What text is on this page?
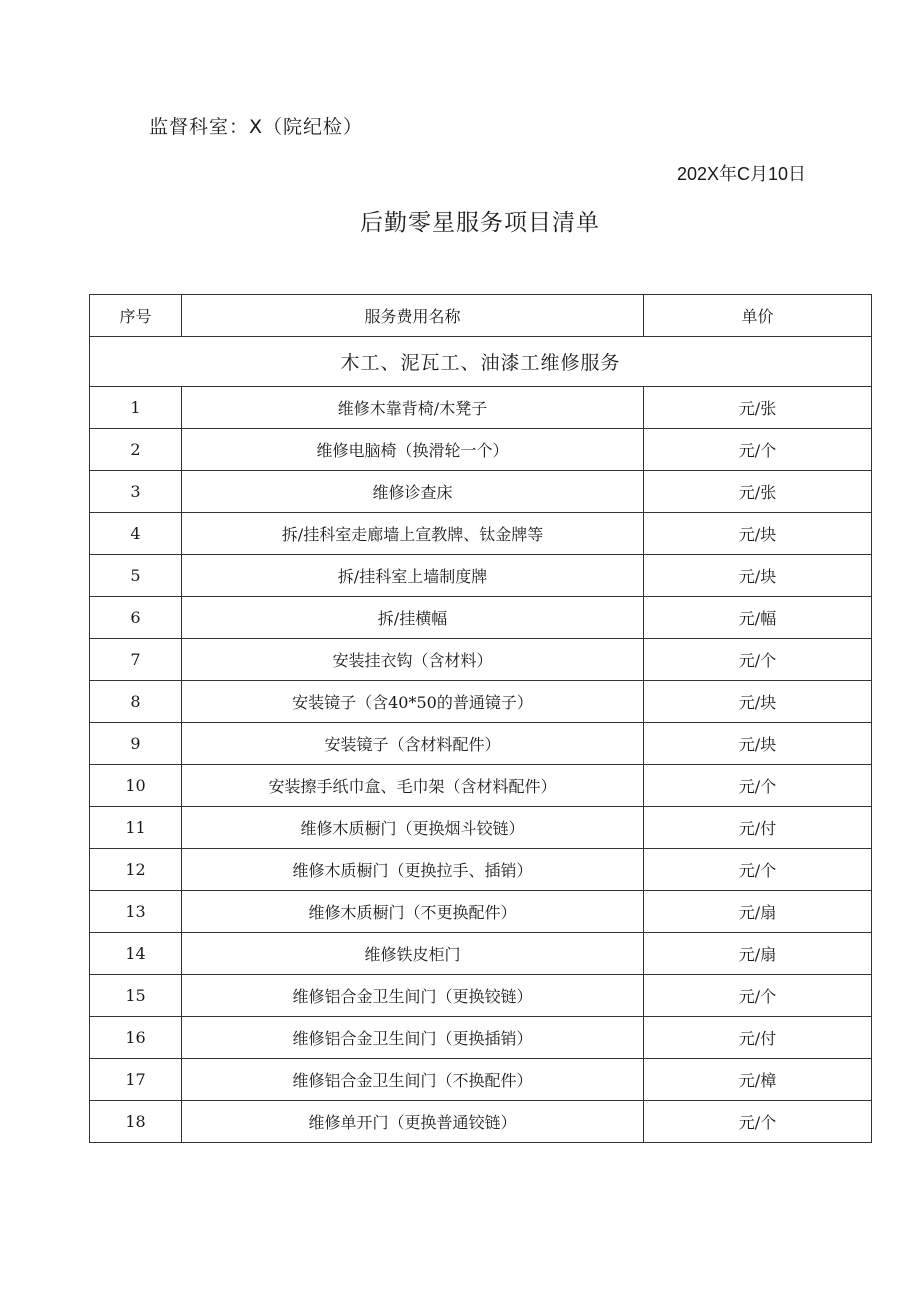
监督科室：X（院纪检）
202X年C月10日
后勤零星服务项目清单
序号	服务费用名称	单价
木工、泥瓦工、油漆工维修服务		
1	维修木靠背椅/木凳子	元/张
2	维修电脑椅（换滑轮一个）	元/个
3	维修诊查床	元/张
4	拆/挂科室走廊墙上宣教牌、钛金牌等	元/块
5	拆/挂科室上墙制度牌	元/块
6	拆/挂横幅	元/幅
7	安装挂衣钩（含材料）	元/个
8	安装镜子（含40*50的普通镜子）	元/块
9	安装镜子（含材料配件）	元/块
10	安装擦手纸巾盒、毛巾架（含材料配件）	元/个
11	维修木质橱门（更换烟斗铰链）	元/付
12	维修木质橱门（更换拉手、插销）	元/个
13	维修木质橱门（不更换配件）	元/扇
14	维修铁皮柜门	元/扇
15	维修铝合金卫生间门（更换铰链）	元/个
16	维修铝合金卫生间门（更换插销）	元/付
17	维修铝合金卫生间门（不换配件）	元/樟
18	维修单开门（更换普通铰链）	元/个
